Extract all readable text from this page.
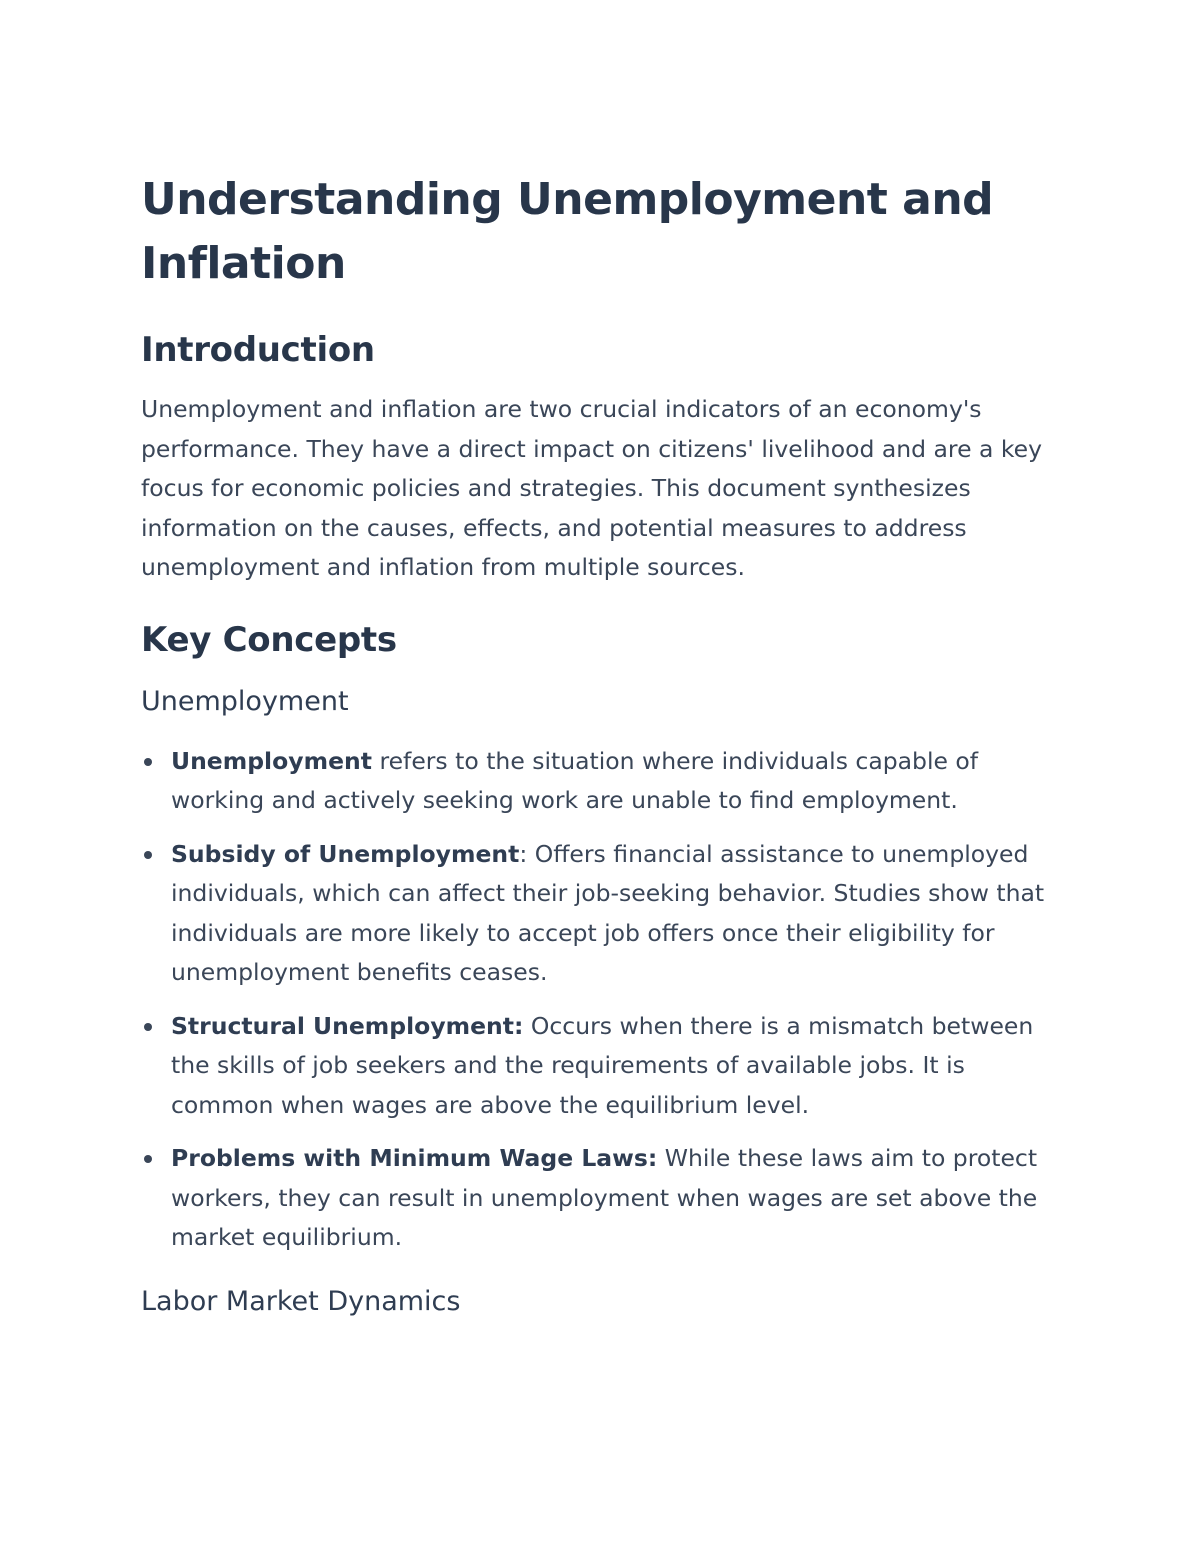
Understanding Unemployment and Inflation
Introduction

Unemployment and inflation are two crucial indicators of an economy's performance. They have a direct impact on citizens' livelihood and are a key focus for economic policies and strategies. This document synthesizes information on the causes, effects, and potential measures to address unemployment and inflation from multiple sources.

Key Concepts
Unemployment
Unemployment refers to the situation where individuals capable of working and actively seeking work are unable to find employment.
Subsidy of Unemployment: Offers financial assistance to unemployed individuals, which can affect their job-seeking behavior. Studies show that individuals are more likely to accept job offers once their eligibility for unemployment benefits ceases.
Structural Unemployment: Occurs when there is a mismatch between the skills of job seekers and the requirements of available jobs. It is common when wages are above the equilibrium level.
Problems with Minimum Wage Laws: While these laws aim to protect workers, they can result in unemployment when wages are set above the market equilibrium.
Labor Market Dynamics
